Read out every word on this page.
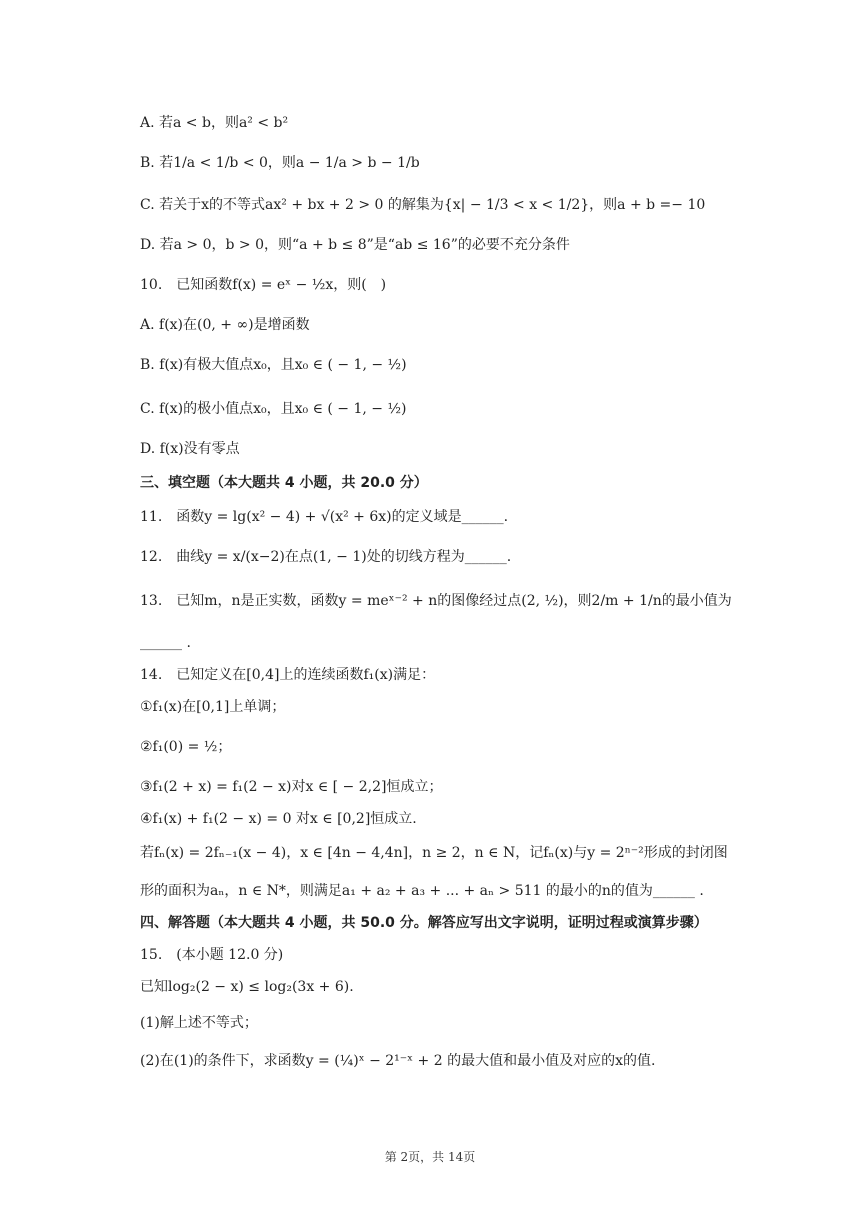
A. 若a < b，则a² < b²
B. 若1/a < 1/b < 0，则a − 1/a > b − 1/b
C. 若关于x的不等式ax² + bx + 2 > 0 的解集为{x| − 1/3 < x < 1/2}，则a + b =− 10
D. 若a > 0，b > 0，则“a + b ≤ 8”是“ab ≤ 16”的必要不充分条件
10.　已知函数f(x) = eˣ − ½x，则(　)
A. f(x)在(0, + ∞)是增函数
B. f(x)有极大值点x₀，且x₀ ∈ ( − 1, − ½)
C. f(x)的极小值点x₀，且x₀ ∈ ( − 1, − ½)
D. f(x)没有零点
三、填空题（本大题共 4 小题，共 20.0 分）
11.　函数y = lg(x² − 4) + √(x² + 6x)的定义域是______.
12.　曲线y = x/(x−2)在点(1, − 1)处的切线方程为______.
13.　已知m，n是正实数，函数y = meˣ⁻² + n的图像经过点(2, ½)，则2/m + 1/n的最小值为
______ .
14.　已知定义在[0,4]上的连续函数f₁(x)满足：
①f₁(x)在[0,1]上单调；
②f₁(0) = ½；
③f₁(2 + x) = f₁(2 − x)对x ∈ [ − 2,2]恒成立；
④f₁(x) + f₁(2 − x) = 0 对x ∈ [0,2]恒成立.
若fₙ(x) = 2fₙ₋₁(x − 4)，x ∈ [4n − 4,4n]，n ≥ 2，n ∈ N，记fₙ(x)与y = 2ⁿ⁻²形成的封闭图
形的面积为aₙ，n ∈ N*，则满足a₁ + a₂ + a₃ + ... + aₙ > 511 的最小的n的值为______ .
四、解答题（本大题共 4 小题，共 50.0 分。解答应写出文字说明，证明过程或演算步骤）
15.　(本小题 12.0 分)
已知log₂(2 − x) ≤ log₂(3x + 6).
(1)解上述不等式；
(2)在(1)的条件下，求函数y = (¼)ˣ − 2¹⁻ˣ + 2 的最大值和最小值及对应的x的值.
第 2页，共 14页
